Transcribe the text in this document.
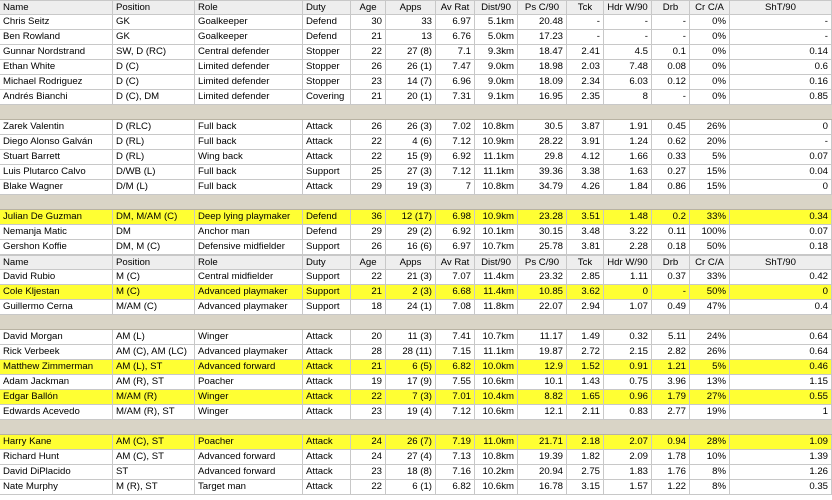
Name	Position	Role	Duty	Age	Apps	Av Rat	Dist/90	Ps C/90	Tck	Hdr W/90	Drb	Cr C/A	ShT/90
Chris Seitz	GK	Goalkeeper	Defend	30	33	6.97	5.1km	20.48	-	-	-	0%	-
Ben Rowland	GK	Goalkeeper	Defend	21	13	6.76	5.0km	17.23	-	-	-	0%	-
Gunnar Nordstrand	SW, D (RC)	Central defender	Stopper	22	27 (8)	7.1	9.3km	18.47	2.41	4.5	0.1	0%	0.14
Ethan White	D (C)	Limited defender	Stopper	26	26 (1)	7.47	9.0km	18.98	2.03	7.48	0.08	0%	0.6
Michael Rodriguez	D (C)	Limited defender	Stopper	23	14 (7)	6.96	9.0km	18.09	2.34	6.03	0.12	0%	0.16
Andrés Bianchi	D (C), DM	Limited defender	Covering	21	20 (1)	7.31	9.1km	16.95	2.35	8	-	0%	0.85
Zarek Valentin	D (RLC)	Full back	Attack	26	26 (3)	7.02	10.8km	30.5	3.87	1.91	0.45	26%	0
Diego Alonso Galván	D (RL)	Full back	Attack	22	4 (6)	7.12	10.9km	28.22	3.91	1.24	0.62	20%	-
Stuart Barrett	D (RL)	Wing back	Attack	22	15 (9)	6.92	11.1km	29.8	4.12	1.66	0.33	5%	0.07
Luis Plutarco Calvo	D/WB (L)	Full back	Support	25	27 (3)	7.12	11.1km	39.36	3.38	1.63	0.27	15%	0.04
Blake Wagner	D/M (L)	Full back	Attack	29	19 (3)	7	10.8km	34.79	4.26	1.84	0.86	15%	0
Julian De Guzman	DM, M/AM (C)	Deep lying playmaker	Defend	36	12 (17)	6.98	10.9km	23.28	3.51	1.48	0.2	33%	0.34
Nemanja Matic	DM	Anchor man	Defend	29	29 (2)	6.92	10.1km	30.15	3.48	3.22	0.11	100%	0.07
Gershon Koffie	DM, M (C)	Defensive midfielder	Support	26	16 (6)	6.97	10.7km	25.78	3.81	2.28	0.18	50%	0.18
Name	Position	Role	Duty	Age	Apps	Av Rat	Dist/90	Ps C/90	Tck	Hdr W/90	Drb	Cr C/A	ShT/90
David Rubio	M (C)	Central midfielder	Support	22	21 (3)	7.07	11.4km	23.32	2.85	1.11	0.37	33%	0.42
Cole Kljestan	M (C)	Advanced playmaker	Support	21	2 (3)	6.68	11.4km	10.85	3.62	0	-	50%	0
Guillermo Cerna	M/AM (C)	Advanced playmaker	Support	18	24 (1)	7.08	11.8km	22.07	2.94	1.07	0.49	47%	0.4
David Morgan	AM (L)	Winger	Attack	20	11 (3)	7.41	10.7km	11.17	1.49	0.32	5.11	24%	0.64
Rick Verbeek	AM (C), AM (LC)	Advanced playmaker	Attack	28	28 (11)	7.15	11.1km	19.87	2.72	2.15	2.82	26%	0.64
Matthew Zimmerman	AM (L), ST	Advanced forward	Attack	21	6 (5)	6.82	10.0km	12.9	1.52	0.91	1.21	5%	0.46
Adam Jackman	AM (R), ST	Poacher	Attack	19	17 (9)	7.55	10.6km	10.1	1.43	0.75	3.96	13%	1.15
Edgar Ballón	M/AM (R)	Winger	Attack	22	7 (3)	7.01	10.4km	8.82	1.65	0.96	1.79	27%	0.55
Edwards Acevedo	M/AM (R), ST	Winger	Attack	23	19 (4)	7.12	10.6km	12.1	2.11	0.83	2.77	19%	1
Harry Kane	AM (C), ST	Poacher	Attack	24	26 (7)	7.19	11.0km	21.71	2.18	2.07	0.94	28%	1.09
Richard Hunt	AM (C), ST	Advanced forward	Attack	24	27 (4)	7.13	10.8km	19.39	1.82	2.09	1.78	10%	1.39
David DiPlacido	ST	Advanced forward	Attack	23	18 (8)	7.16	10.2km	20.94	2.75	1.83	1.76	8%	1.26
Nate Murphy	M (R), ST	Target man	Attack	22	6 (1)	6.82	10.6km	16.78	3.15	1.57	1.22	8%	0.35
